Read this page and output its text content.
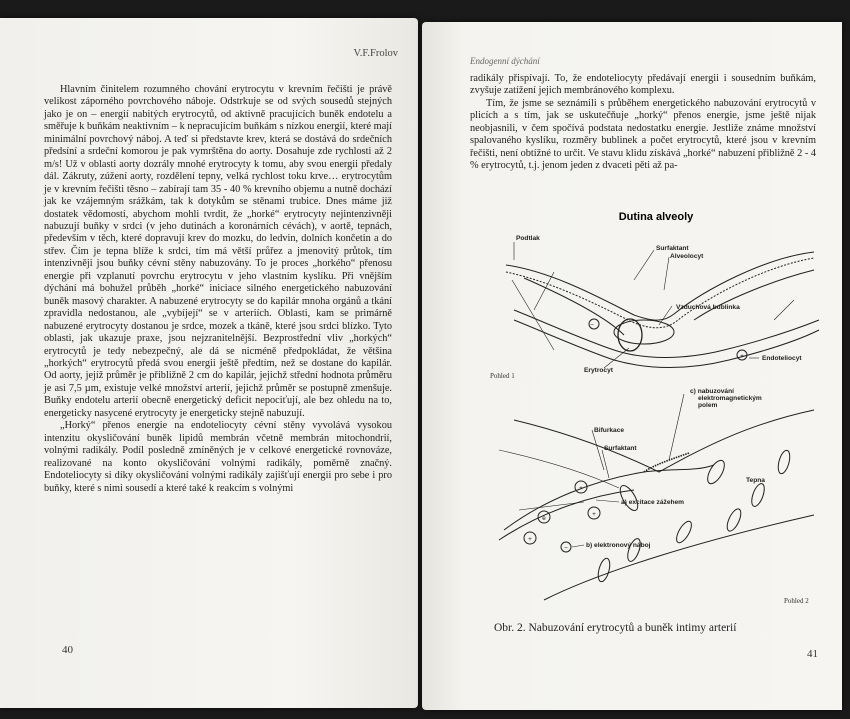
V.F.Frolov

Hlavním činitelem rozumného chování erytrocytu v krevním řečišti je právě velikost záporného povrchového náboje. Odstrkuje se od svých sousedů stejných jako je on – energií nabitých erytrocytů, od aktivně pracujících buněk endotelu a směřuje k buňkám neaktivním – k nepracujícím buňkám s nízkou energií, které mají minimální povrchový náboj. A teď si představte krev, která se dostává do srdečních předsíní a srdeční komorou je pak vymrštěna do aorty. Dosahuje zde rychlosti až 2 m/s! Už v oblasti aorty dozrály mnohé erytrocyty k tomu, aby svou energii předaly dál. Zákruty, zúžení aorty, rozdělení tepny, velká rychlost toku krve… erytrocytům je v krevním řečišti těsno – zabírají tam 35 - 40 % krevního objemu a nutně dochází jak ke vzájemným srážkám, tak k dotykům se stěnami trubice. Dnes máme již dostatek vědomostí, abychom mohli tvrdit, že „horké“ erytrocyty nejintenzivněji nabuzují buňky v srdci (v jeho dutinách a koronárních cévách), v aortě, tepnách, především v těch, které dopravují krev do mozku, do ledvin, dolních končetin a do střev. Čím je tepna blíže k srdci, tím má větší průřez a jmenovitý průtok, tím intenzivněji jsou buňky cévní stěny nabuzovány. To je proces „horkého“ přenosu energie při vzplanutí povrchu erytrocytu v jeho vlastním kyslíku. Při vnějším dýchání má bohužel průběh „horké“ iniciace silného energetického nabuzování buněk masový charakter. A nabuzené erytrocyty se do kapilár mnoha orgánů a tkání zpravidla nedostanou, ale „vybíjejí“ se v arteriích. Oblasti, kam se primárně nabuzené erytrocyty dostanou je srdce, mozek a tkáně, které jsou srdci blízko. Tyto oblasti, jak ukazuje praxe, jsou nejzranitelnější. Bezprostřední vliv „horkých“ erytrocytů je tedy nebezpečný, ale dá se nicméně předpokládat, že většina „horkých“ erytrocytů předá svou energii ještě předtím, než se dostane do kapilár. Od aorty, jejíž průměr je přibližně 2 cm do kapilár, jejichž střední hodnota průměru je asi 7,5 µm, existuje velké množství arterií, jejichž průměr se postupně zmenšuje. Buňky endotelu arterií obecně energetický deficit nepociťují, ale bez ohledu na to, energeticky nasycené erytrocyty je energeticky stejně nabuzují.

„Horký“ přenos energie na endoteliocyty cévní stěny vyvolává vysokou intenzitu okysličování buněk lipidů membrán včetně membrán mitochondrií, volnými radikály. Podíl posledně zmíněných je v celkové energetické rovnováze, realizované na konto okysličování volnými radikály, poměrně značný. Endoteliocyty si díky okysličování volnými radikály zajišťují energii pro sebe i pro buňky, které s nimi sousedí a které také k reakcím s volnými

40
Endogenní dýchání

radikály přispívají. To, že endoteliocyty předávají energii i sousedním buňkám, zvyšuje zatížení jejich membránového komplexu.

Tím, že jsme se seznámili s průběhem energetického nabuzování erytrocytů v plicích a s tím, jak se uskutečňuje „horký“ přenos energie, jsme ještě nijak neobjasnili, v čem spočívá podstata nedostatku energie. Jestliže známe množství spalovaného kyslíku, rozměry bublinek a počet erytrocytů, které jsou v krevním řečišti, není obtížné to určit. Ve stavu klidu získává „horké“ nabuzení přibližně 2 - 4 % erytrocytů, t.j. jenom jeden z dvaceti pěti až pa-

Dutina alveoly
−
+
Podtlak
Surfaktant
Alveolocyt
Vzduchová bublinka
Endoteliocyt
Erytrocyt
Pohled 1
+
+
e
+
−
c) nabuzování
elektromagnetickým
polem
Bifurkace
Surfaktant
Tepna
a) excitace zážehem
b) elektronový náboj
Pohled 2
Obr. 2. Nabuzování erytrocytů a buněk intimy arterií
41
